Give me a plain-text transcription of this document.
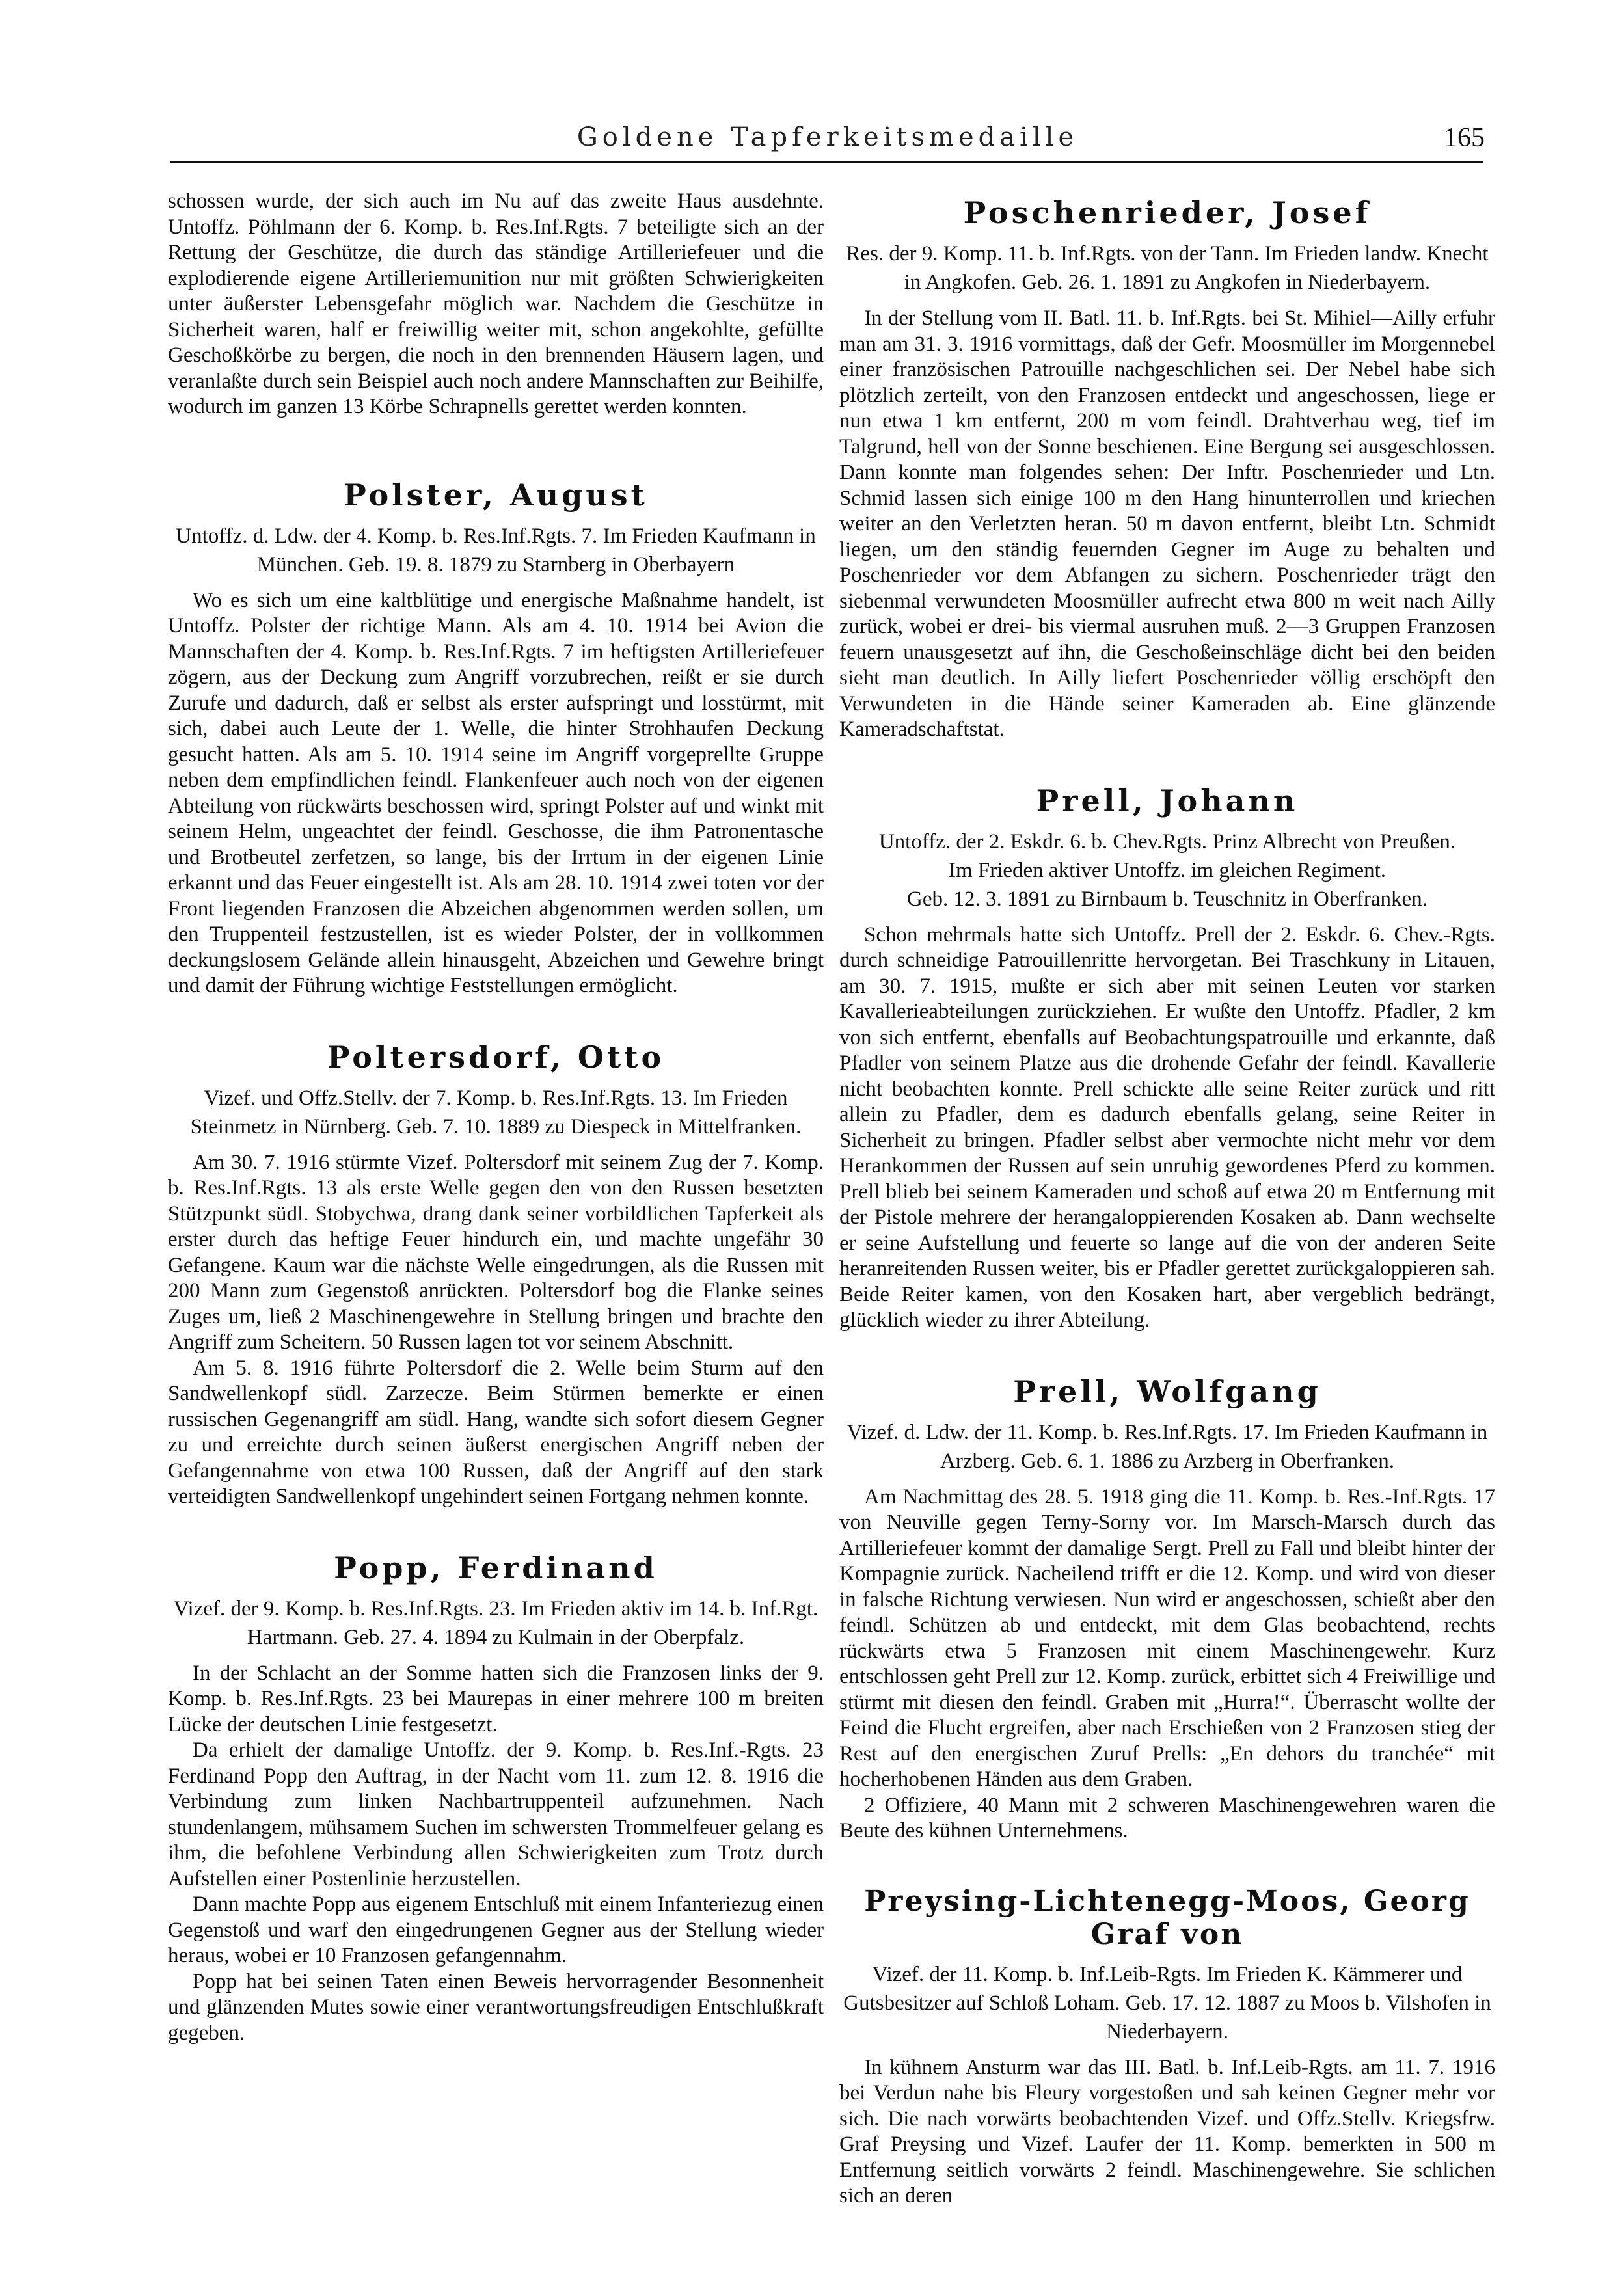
Goldene Tapferkeitsmedaille	165

schossen wurde, der sich auch im Nu auf das zweite Haus ausdehnte. Untoffz. Pöhlmann der 6. Komp. b. Res.Inf.Rgts. 7 beteiligte sich an der Rettung der Geschütze, die durch das ständige Artilleriefeuer und die explodierende eigene Artilleriemunition nur mit größten Schwierigkeiten unter äußerster Lebensgefahr möglich war. Nachdem die Geschütze in Sicherheit waren, half er freiwillig weiter mit, schon angekohlte, gefüllte Geschoßkörbe zu bergen, die noch in den brennenden Häusern lagen, und veranlaßte durch sein Beispiel auch noch andere Mannschaften zur Beihilfe, wodurch im ganzen 13 Körbe Schrapnells gerettet werden konnten.

Polster, August
Untoffz. d. Ldw. der 4. Komp. b. Res.Inf.Rgts. 7. Im Frieden Kaufmann in München. Geb. 19. 8. 1879 zu Starnberg in Oberbayern

Wo es sich um eine kaltblütige und energische Maßnahme handelt, ist Untoffz. Polster der richtige Mann. Als am 4. 10. 1914 bei Avion die Mannschaften der 4. Komp. b. Res.Inf.Rgts. 7 im heftigsten Artilleriefeuer zögern, aus der Deckung zum Angriff vorzubrechen, reißt er sie durch Zurufe und dadurch, daß er selbst als erster aufspringt und losstürmt, mit sich, dabei auch Leute der 1. Welle, die hinter Strohhaufen Deckung gesucht hatten. Als am 5. 10. 1914 seine im Angriff vorgeprellte Gruppe neben dem empfindlichen feindl. Flankenfeuer auch noch von der eigenen Abteilung von rückwärts beschossen wird, springt Polster auf und winkt mit seinem Helm, ungeachtet der feindl. Geschosse, die ihm Patronentasche und Brotbeutel zerfetzen, so lange, bis der Irrtum in der eigenen Linie erkannt und das Feuer eingestellt ist. Als am 28. 10. 1914 zwei toten vor der Front liegenden Franzosen die Abzeichen abgenommen werden sollen, um den Truppenteil festzustellen, ist es wieder Polster, der in vollkommen deckungslosem Gelände allein hinausgeht, Abzeichen und Gewehre bringt und damit der Führung wichtige Feststellungen ermöglicht.

Poltersdorf, Otto
Vizef. und Offz.Stellv. der 7. Komp. b. Res.Inf.Rgts. 13. Im Frieden Steinmetz in Nürnberg. Geb. 7. 10. 1889 zu Diespeck in Mittelfranken.

Am 30. 7. 1916 stürmte Vizef. Poltersdorf mit seinem Zug der 7. Komp. b. Res.Inf.Rgts. 13 als erste Welle gegen den von den Russen besetzten Stützpunkt südl. Stobychwa, drang dank seiner vorbildlichen Tapferkeit als erster durch das heftige Feuer hindurch ein, und machte ungefähr 30 Gefangene. Kaum war die nächste Welle eingedrungen, als die Russen mit 200 Mann zum Gegenstoß anrückten. Poltersdorf bog die Flanke seines Zuges um, ließ 2 Maschinengewehre in Stellung bringen und brachte den Angriff zum Scheitern. 50 Russen lagen tot vor seinem Abschnitt.

Am 5. 8. 1916 führte Poltersdorf die 2. Welle beim Sturm auf den Sandwellenkopf südl. Zarzecze. Beim Stürmen bemerkte er einen russischen Gegenangriff am südl. Hang, wandte sich sofort diesem Gegner zu und erreichte durch seinen äußerst energischen Angriff neben der Gefangennahme von etwa 100 Russen, daß der Angriff auf den stark verteidigten Sandwellenkopf ungehindert seinen Fortgang nehmen konnte.

Popp, Ferdinand
Vizef. der 9. Komp. b. Res.Inf.Rgts. 23. Im Frieden aktiv im 14. b. Inf.Rgt. Hartmann. Geb. 27. 4. 1894 zu Kulmain in der Oberpfalz.

In der Schlacht an der Somme hatten sich die Franzosen links der 9. Komp. b. Res.Inf.Rgts. 23 bei Maurepas in einer mehrere 100 m breiten Lücke der deutschen Linie festgesetzt.

Da erhielt der damalige Untoffz. der 9. Komp. b. Res.Inf.-Rgts. 23 Ferdinand Popp den Auftrag, in der Nacht vom 11. zum 12. 8. 1916 die Verbindung zum linken Nachbartruppenteil aufzunehmen. Nach stundenlangem, mühsamem Suchen im schwersten Trommelfeuer gelang es ihm, die befohlene Verbindung allen Schwierigkeiten zum Trotz durch Aufstellen einer Postenlinie herzustellen.

Dann machte Popp aus eigenem Entschluß mit einem Infanteriezug einen Gegenstoß und warf den eingedrungenen Gegner aus der Stellung wieder heraus, wobei er 10 Franzosen gefangennahm.

Popp hat bei seinen Taten einen Beweis hervorragender Besonnenheit und glänzenden Mutes sowie einer verantwortungsfreudigen Entschlußkraft gegeben.

Poschenrieder, Josef
Res. der 9. Komp. 11. b. Inf.Rgts. von der Tann. Im Frieden landw. Knecht in Angkofen. Geb. 26. 1. 1891 zu Angkofen in Niederbayern.

In der Stellung vom II. Batl. 11. b. Inf.Rgts. bei St. Mihiel—Ailly erfuhr man am 31. 3. 1916 vormittags, daß der Gefr. Moosmüller im Morgennebel einer französischen Patrouille nachgeschlichen sei. Der Nebel habe sich plötzlich zerteilt, von den Franzosen entdeckt und angeschossen, liege er nun etwa 1 km entfernt, 200 m vom feindl. Drahtverhau weg, tief im Talgrund, hell von der Sonne beschienen. Eine Bergung sei ausgeschlossen. Dann konnte man folgendes sehen: Der Inftr. Poschenrieder und Ltn. Schmid lassen sich einige 100 m den Hang hinunterrollen und kriechen weiter an den Verletzten heran. 50 m davon entfernt, bleibt Ltn. Schmidt liegen, um den ständig feuernden Gegner im Auge zu behalten und Poschenrieder vor dem Abfangen zu sichern. Poschenrieder trägt den siebenmal verwundeten Moosmüller aufrecht etwa 800 m weit nach Ailly zurück, wobei er drei- bis viermal ausruhen muß. 2—3 Gruppen Franzosen feuern unausgesetzt auf ihn, die Geschoßeinschläge dicht bei den beiden sieht man deutlich. In Ailly liefert Poschenrieder völlig erschöpft den Verwundeten in die Hände seiner Kameraden ab. Eine glänzende Kameradschaftstat.

Prell, Johann
Untoffz. der 2. Eskdr. 6. b. Chev.Rgts. Prinz Albrecht von Preußen.
Im Frieden aktiver Untoffz. im gleichen Regiment.
Geb. 12. 3. 1891 zu Birnbaum b. Teuschnitz in Oberfranken.

Schon mehrmals hatte sich Untoffz. Prell der 2. Eskdr. 6. Chev.-Rgts. durch schneidige Patrouillenritte hervorgetan. Bei Traschkuny in Litauen, am 30. 7. 1915, mußte er sich aber mit seinen Leuten vor starken Kavallerieabteilungen zurückziehen. Er wußte den Untoffz. Pfadler, 2 km von sich entfernt, ebenfalls auf Beobachtungspatrouille und erkannte, daß Pfadler von seinem Platze aus die drohende Gefahr der feindl. Kavallerie nicht beobachten konnte. Prell schickte alle seine Reiter zurück und ritt allein zu Pfadler, dem es dadurch ebenfalls gelang, seine Reiter in Sicherheit zu bringen. Pfadler selbst aber vermochte nicht mehr vor dem Herankommen der Russen auf sein unruhig gewordenes Pferd zu kommen. Prell blieb bei seinem Kameraden und schoß auf etwa 20 m Entfernung mit der Pistole mehrere der herangaloppierenden Kosaken ab. Dann wechselte er seine Aufstellung und feuerte so lange auf die von der anderen Seite heranreitenden Russen weiter, bis er Pfadler gerettet zurückgaloppieren sah. Beide Reiter kamen, von den Kosaken hart, aber vergeblich bedrängt, glücklich wieder zu ihrer Abteilung.

Prell, Wolfgang
Vizef. d. Ldw. der 11. Komp. b. Res.Inf.Rgts. 17. Im Frieden Kaufmann in Arzberg. Geb. 6. 1. 1886 zu Arzberg in Oberfranken.

Am Nachmittag des 28. 5. 1918 ging die 11. Komp. b. Res.-Inf.Rgts. 17 von Neuville gegen Terny-Sorny vor. Im Marsch-Marsch durch das Artilleriefeuer kommt der damalige Sergt. Prell zu Fall und bleibt hinter der Kompagnie zurück. Nacheilend trifft er die 12. Komp. und wird von dieser in falsche Richtung verwiesen. Nun wird er angeschossen, schießt aber den feindl. Schützen ab und entdeckt, mit dem Glas beobachtend, rechts rückwärts etwa 5 Franzosen mit einem Maschinengewehr. Kurz entschlossen geht Prell zur 12. Komp. zurück, erbittet sich 4 Freiwillige und stürmt mit diesen den feindl. Graben mit „Hurra!“. Überrascht wollte der Feind die Flucht ergreifen, aber nach Erschießen von 2 Franzosen stieg der Rest auf den energischen Zuruf Prells: „En dehors du tranchée“ mit hocherhobenen Händen aus dem Graben.

2 Offiziere, 40 Mann mit 2 schweren Maschinengewehren waren die Beute des kühnen Unternehmens.

Preysing-Lichtenegg-Moos, Georg Graf von
Vizef. der 11. Komp. b. Inf.Leib-Rgts. Im Frieden K. Kämmerer und Gutsbesitzer auf Schloß Loham. Geb. 17. 12. 1887 zu Moos b. Vilshofen in Niederbayern.

In kühnem Ansturm war das III. Batl. b. Inf.Leib-Rgts. am 11. 7. 1916 bei Verdun nahe bis Fleury vorgestoßen und sah keinen Gegner mehr vor sich. Die nach vorwärts beobachtenden Vizef. und Offz.Stellv. Kriegsfrw. Graf Preysing und Vizef. Laufer der 11. Komp. bemerkten in 500 m Entfernung seitlich vorwärts 2 feindl. Maschinengewehre. Sie schlichen sich an deren
